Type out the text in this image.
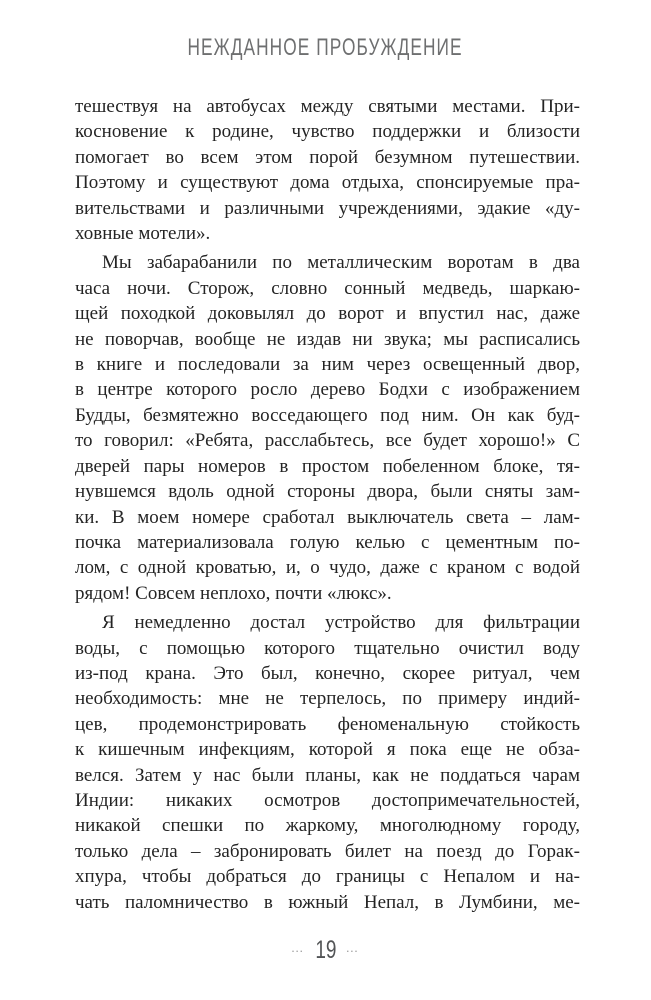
НЕЖДАННОЕ ПРОБУЖДЕНИЕ
тешествуя на автобусах между святыми местами. При-
косновение к родине, чувство поддержки и близости
помогает во всем этом порой безумном путешествии.
Поэтому и существуют дома отдыха, спонсируемые пра-
вительствами и различными учреждениями, эдакие «ду-
ховные мотели».
Мы забарабанили по металлическим воротам в два
часа ночи. Сторож, словно сонный медведь, шаркаю-
щей походкой доковылял до ворот и впустил нас, даже
не поворчав, вообще не издав ни звука; мы расписались
в книге и последовали за ним через освещенный двор,
в центре которого росло дерево Бодхи с изображением
Будды, безмятежно восседающего под ним. Он как буд-
то говорил: «Ребята, расслабьтесь, все будет хорошо!» С
дверей пары номеров в простом побеленном блоке, тя-
нувшемся вдоль одной стороны двора, были сняты зам-
ки. В моем номере сработал выключатель света – лам-
почка материализовала голую келью с цементным по-
лом, с одной кроватью, и, о чудо, даже с краном с водой
рядом! Совсем неплохо, почти «люкс».
Я немедленно достал устройство для фильтрации
воды, с помощью которого тщательно очистил воду
из-под крана. Это был, конечно, скорее ритуал, чем
необходимость: мне не терпелось, по примеру индий-
цев, продемонстрировать феноменальную стойкость
к кишечным инфекциям, которой я пока еще не обза-
велся. Затем у нас были планы, как не поддаться чарам
Индии: никаких осмотров достопримечательностей,
никакой спешки по жаркому, многолюдному городу,
только дела – забронировать билет на поезд до Горак-
хпура, чтобы добраться до границы с Непалом и на-
чать паломничество в южный Непал, в Лумбини, ме-
… 19 …
